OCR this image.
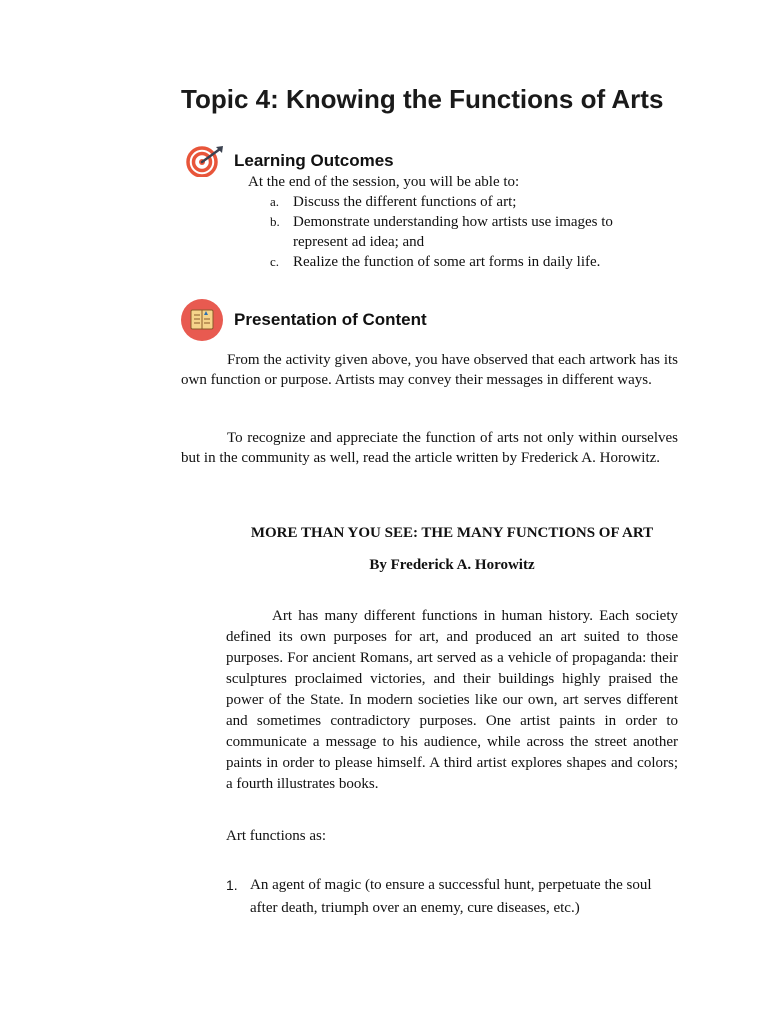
Topic 4: Knowing the Functions of Arts
Learning Outcomes
At the end of the session, you will be able to:
a. Discuss the different functions of art;
b. Demonstrate understanding how artists use images to represent ad idea; and
c. Realize the function of some art forms in daily life.
Presentation of Content

From the activity given above, you have observed that each artwork has its own function or purpose. Artists may convey their messages in different ways.

To recognize and appreciate the function of arts not only within ourselves but in the community as well, read the article written by Frederick A. Horowitz.

MORE THAN YOU SEE: THE MANY FUNCTIONS OF ART
By Frederick A. Horowitz

Art has many different functions in human history. Each society defined its own purposes for art, and produced an art suited to those purposes. For ancient Romans, art served as a vehicle of propaganda: their sculptures proclaimed victories, and their buildings highly praised the power of the State. In modern societies like our own, art serves different and sometimes contradictory purposes. One artist paints in order to communicate a message to his audience, while across the street another paints in order to please himself. A third artist explores shapes and colors; a fourth illustrates books.

Art functions as:
1. An agent of magic (to ensure a successful hunt, perpetuate the soul after death, triumph over an enemy, cure diseases, etc.)
